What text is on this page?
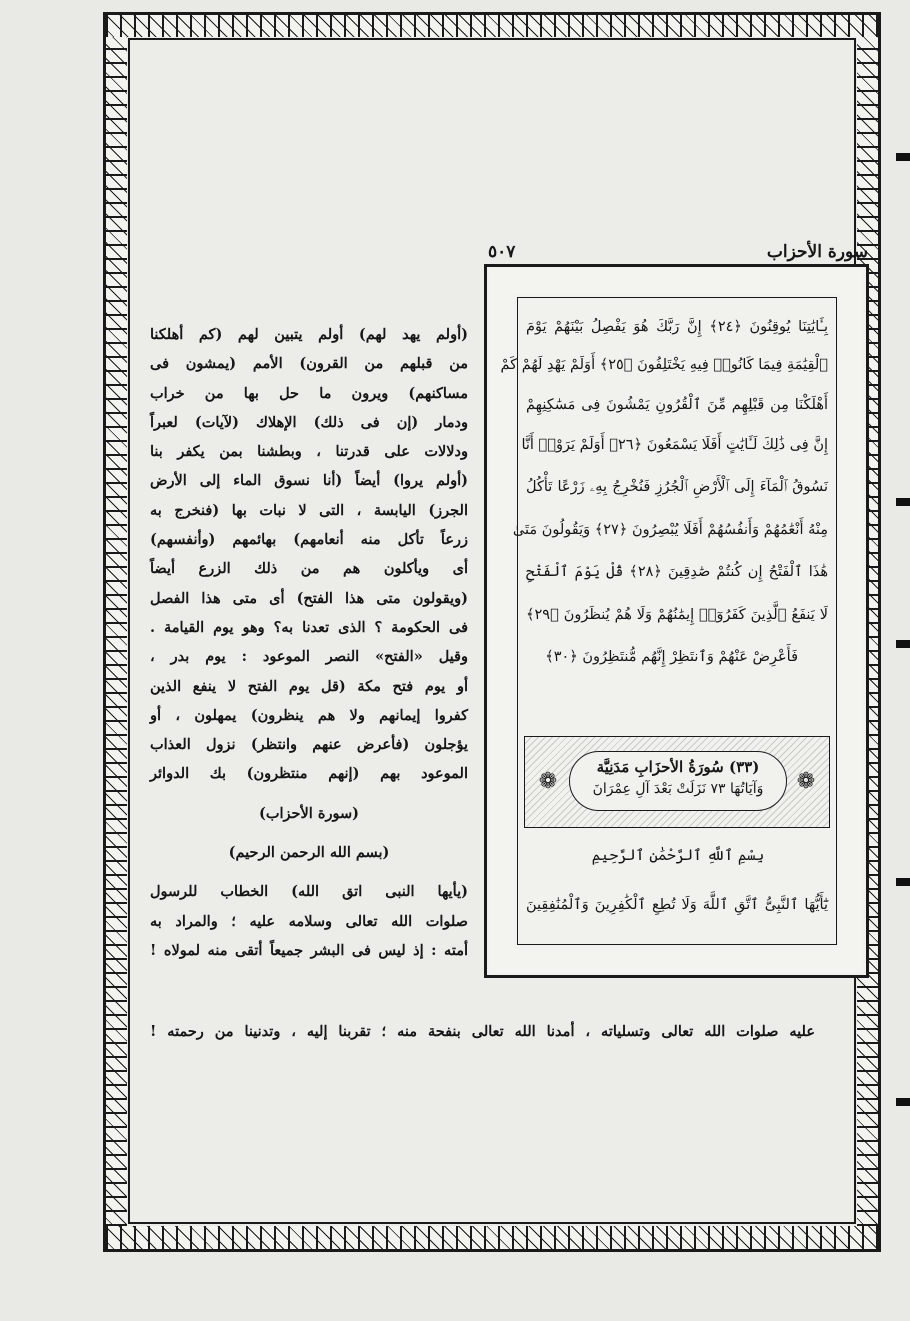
سورة الأحزاب
٥٠٧
بِـَٔايَٰتِنَا يُوقِنُونَ ﴿٢٤﴾ إِنَّ رَبَّكَ هُوَ يَفْصِلُ بَيْنَهُمْ يَوْمَ
ٱلْقِيَٰمَةِ فِيمَا كَانُوا۟ فِيهِ يَخْتَلِفُونَ ﴿٢٥﴾ أَوَلَمْ يَهْدِ لَهُمْ كَمْ
أَهْلَكْنَا مِن قَبْلِهِم مِّنَ ٱلْقُرُونِ يَمْشُونَ فِى مَسَٰكِنِهِمْ
إِنَّ فِى ذَٰلِكَ لَـَٔايَٰتٍ أَفَلَا يَسْمَعُونَ ﴿٢٦﴾ أَوَلَمْ يَرَوْا۟ أَنَّا
نَسُوقُ ٱلْمَآءَ إِلَى ٱلْأَرْضِ ٱلْجُرُزِ فَنُخْرِجُ بِهِۦ زَرْعًا تَأْكُلُ
مِنْهُ أَنْعَٰمُهُمْ وَأَنفُسُهُمْ أَفَلَا يُبْصِرُونَ ﴿٢٧﴾ وَيَقُولُونَ مَتَىٰ
هَٰذَا ٱلْفَتْحُ إِن كُنتُمْ صَٰدِقِينَ ﴿٢٨﴾ قُلْ يَوْمَ ٱلْفَتْحِ
لَا يَنفَعُ ٱلَّذِينَ كَفَرُوٓا۟ إِيمَٰنُهُمْ وَلَا هُمْ يُنظَرُونَ ﴿٢٩﴾
فَأَعْرِضْ عَنْهُمْ وَٱنتَظِرْ إِنَّهُم مُّنتَظِرُونَ ﴿٣٠﴾
❁
(٣٣) سُورَةُ الأحزَابِ مَدَنِيَّة
وَآيَاتُهَا ٧٣ نَزَلَتْ بَعْدَ آلِ عِمْرَانَ	❁
بِسْمِ ٱللَّهِ ٱلرَّحْمَٰنِ ٱلرَّحِيمِ
يَٰٓأَيُّهَا ٱلنَّبِىُّ ٱتَّقِ ٱللَّهَ وَلَا تُطِعِ ٱلْكَٰفِرِينَ وَٱلْمُنَٰفِقِينَ
(أولم يهد لهم) أولم يتبين لهم (كم أهلكنا
من قبلهم من القرون) الأمم (يمشون فى
مساكنهم) ويرون ما حل بها من خراب
ودمار (إن فى ذلك) الإهلاك (لآيات) لعبراً
ودلالات على قدرتنا ، وبطشنا بمن يكفر بنا
(أولم يروا) أيضاً (أنا نسوق الماء إلى الأرض
الجرز) اليابسة ، التى لا نبات بها (فنخرج به
زرعاً تأكل منه أنعامهم) بهائمهم (وأنفسهم)
أى ويأكلون هم من ذلك الزرع أيضاً
(ويقولون متى هذا الفتح) أى متى هذا الفصل
فى الحكومة ؟ الذى تعدنا به؟ وهو يوم القيامة .
وقيل «الفتح» النصر الموعود : يوم بدر ،
أو يوم فتح مكة (قل يوم الفتح لا ينفع الذين
كفروا إيمانهم ولا هم ينظرون) يمهلون ، أو
يؤجلون (فأعرض عنهم وانتظر) نزول العذاب
الموعود بهم (إنهم منتظرون) بك الدوائر
(سورة الأحزاب)
(بسم الله الرحمن الرحيم)
(يأيها النبى اتق الله) الخطاب للرسول
صلوات الله تعالى وسلامه عليه ؛ والمراد به
أمته : إذ ليس فى البشر جميعاً أتقى منه لمولاه !
عليه صلوات الله تعالى وتسلياته ، أمدنا الله تعالى بنفحة منه ؛ تقربنا إليه ، وتدنينا من رحمته !
